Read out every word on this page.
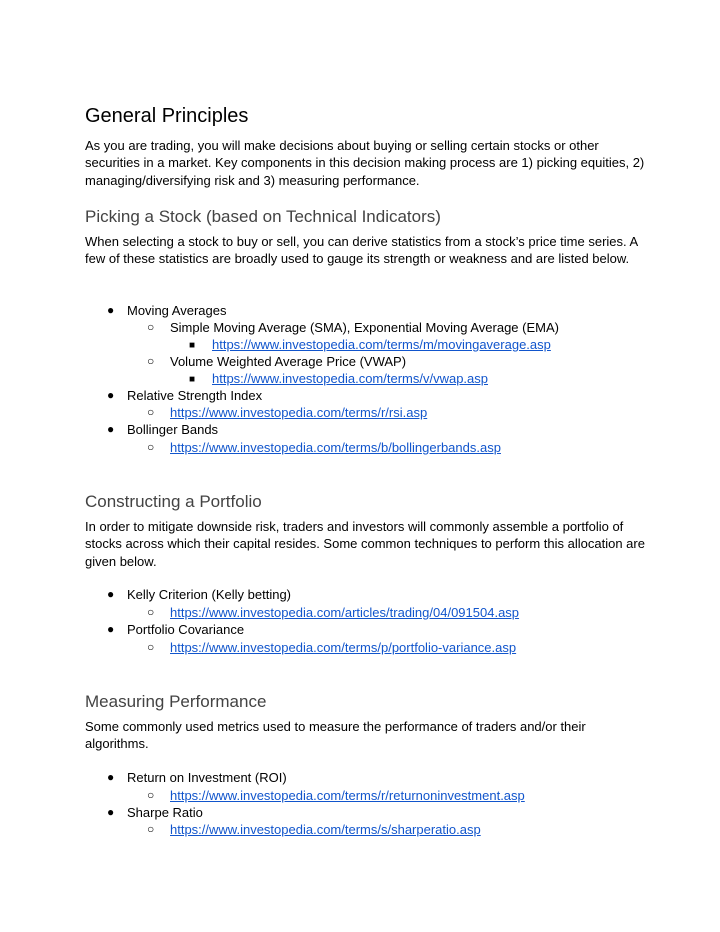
General Principles

As you are trading, you will make decisions about buying or selling certain stocks or other securities in a market. Key components in this decision making process are 1) picking equities, 2) managing/diversifying risk and 3) measuring performance.

Picking a Stock (based on Technical Indicators)

When selecting a stock to buy or sell, you can derive statistics from a stock’s price time series. A few of these statistics are broadly used to gauge its strength or weakness and are listed below.

● Moving Averages
○ Simple Moving Average (SMA), Exponential Moving Average (EMA)
■ https://www.investopedia.com/terms/m/movingaverage.asp
○ Volume Weighted Average Price (VWAP)
■ https://www.investopedia.com/terms/v/vwap.asp
● Relative Strength Index
○ https://www.investopedia.com/terms/r/rsi.asp
● Bollinger Bands
○ https://www.investopedia.com/terms/b/bollingerbands.asp
Constructing a Portfolio

In order to mitigate downside risk, traders and investors will commonly assemble a portfolio of stocks across which their capital resides. Some common techniques to perform this allocation are given below.

● Kelly Criterion (Kelly betting)
○ https://www.investopedia.com/articles/trading/04/091504.asp
● Portfolio Covariance
○ https://www.investopedia.com/terms/p/portfolio-variance.asp
Measuring Performance

Some commonly used metrics used to measure the performance of traders and/or their algorithms.

● Return on Investment (ROI)
○ https://www.investopedia.com/terms/r/returnoninvestment.asp
● Sharpe Ratio
○ https://www.investopedia.com/terms/s/sharperatio.asp
